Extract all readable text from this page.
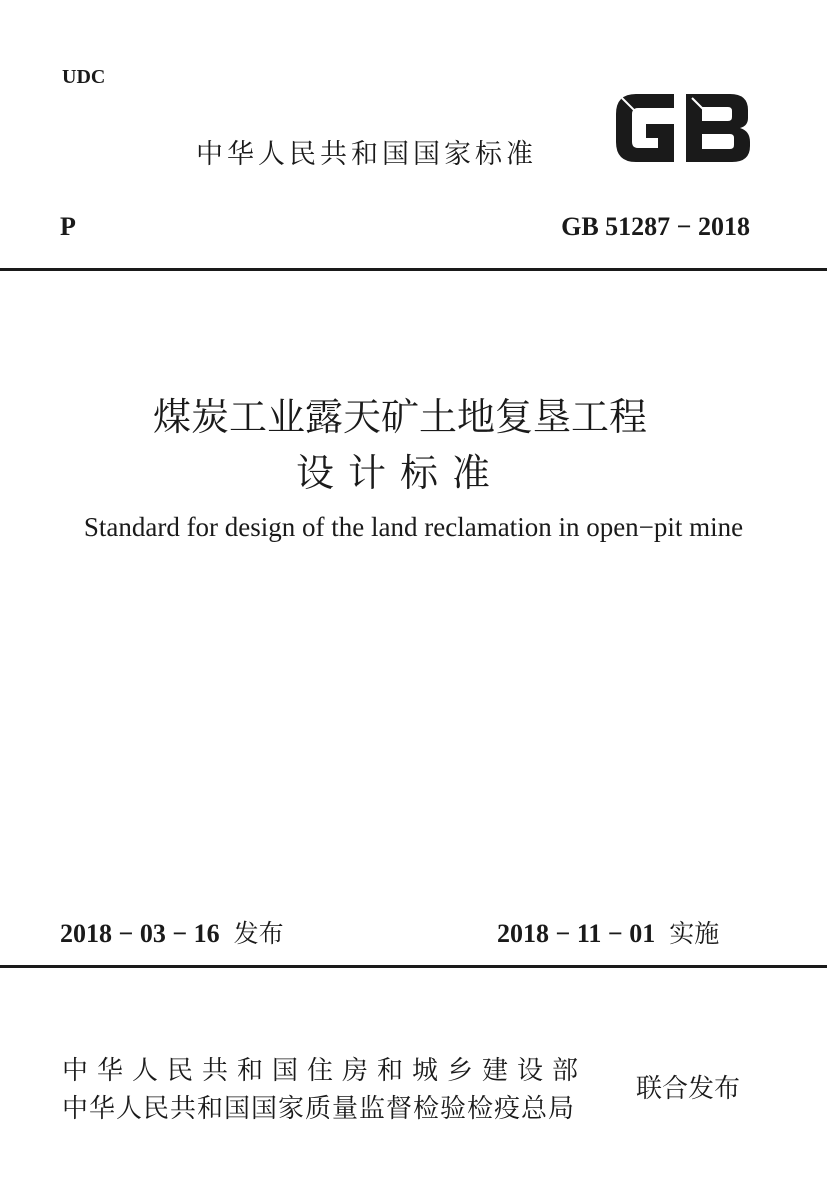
UDC
中华人民共和国国家标准
P	GB 51287 − 2018
煤炭工业露天矿土地复垦工程
设计标准
Standard for design of the land reclamation in open−pit mine
2018 − 03 − 16 发布	2018 − 11 − 01 实施
中华人民共和国住房和城乡建设部
中华人民共和国国家质量监督检验检疫总局
联合发布
